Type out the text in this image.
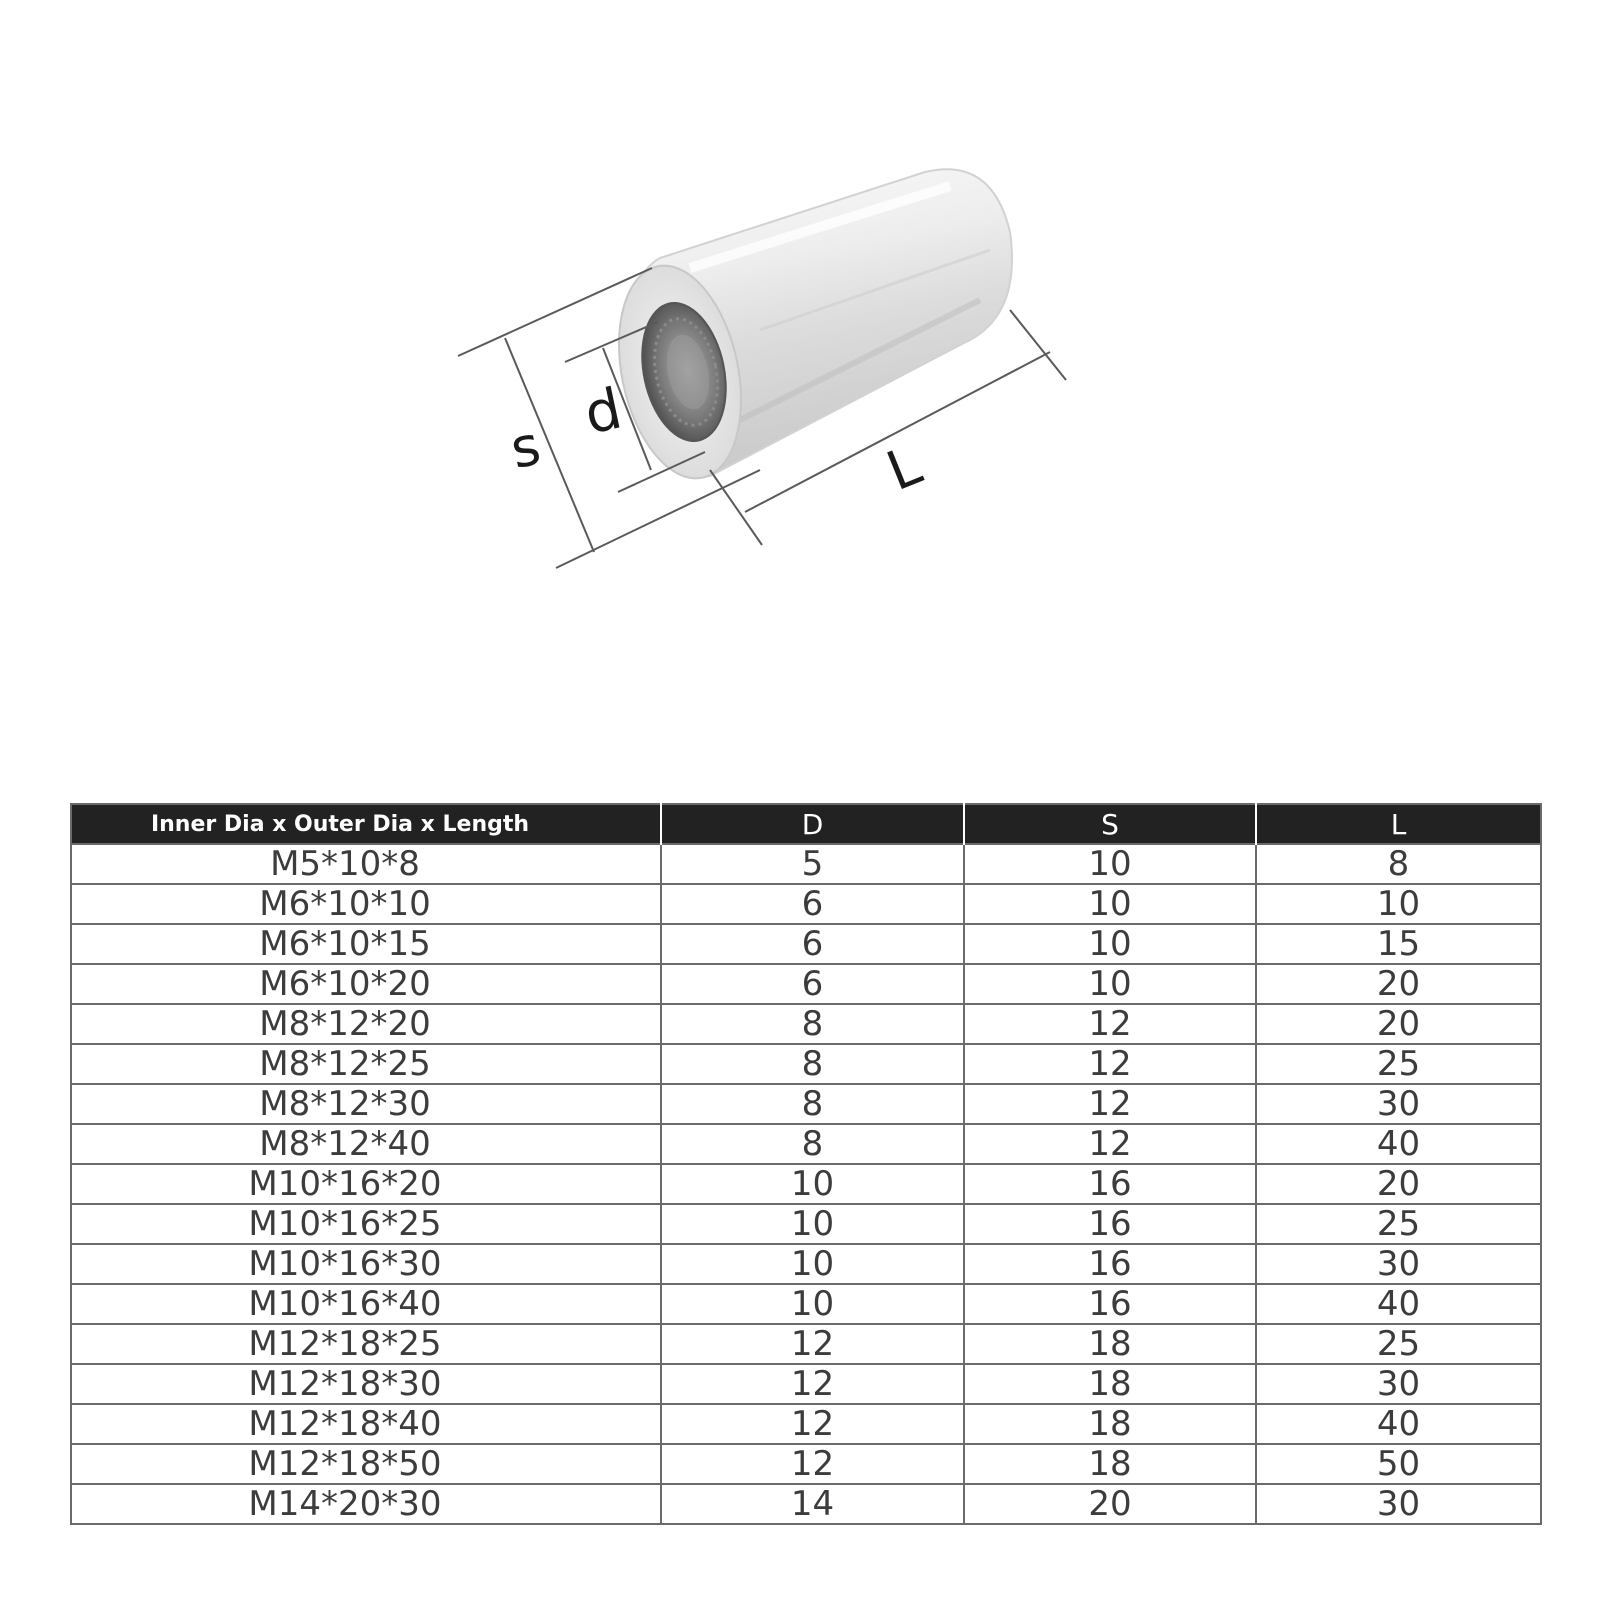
s d
L
Inner Dia x Outer Dia x Length	D	S	L
M5*10*8	5	10	8
M6*10*10	6	10	10
M6*10*15	6	10	15
M6*10*20	6	10	20
M8*12*20	8	12	20
M8*12*25	8	12	25
M8*12*30	8	12	30
M8*12*40	8	12	40
M10*16*20	10	16	20
M10*16*25	10	16	25
M10*16*30	10	16	30
M10*16*40	10	16	40
M12*18*25	12	18	25
M12*18*30	12	18	30
M12*18*40	12	18	40
M12*18*50	12	18	50
M14*20*30	14	20	30
